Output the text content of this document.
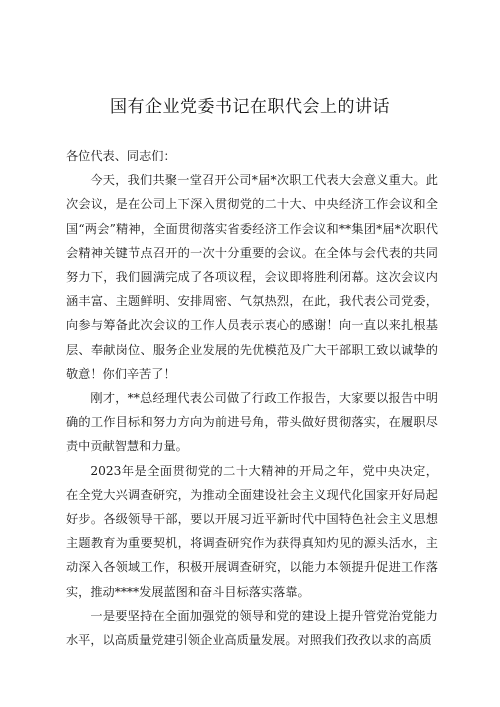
国有企业党委书记在职代会上的讲话

各位代表、同志们：

今天，我们共聚一堂召开公司*届*次职工代表大会意义重大。此次会议，是在公司上下深入贯彻党的二十大、中央经济工作会议和全国“两会”精神，全面贯彻落实省委经济工作会议和**集团*届*次职代会精神关键节点召开的一次十分重要的会议。在全体与会代表的共同努力下，我们圆满完成了各项议程，会议即将胜利闭幕。这次会议内涵丰富、主题鲜明、安排周密、气氛热烈，在此，我代表公司党委，向参与筹备此次会议的工作人员表示衷心的感谢！向一直以来扎根基层、奉献岗位、服务企业发展的先优模范及广大干部职工致以诚挚的敬意！你们辛苦了！

刚才，**总经理代表公司做了行政工作报告，大家要以报告中明确的工作目标和努力方向为前进号角，带头做好贯彻落实，在履职尽责中贡献智慧和力量。

2023年是全面贯彻党的二十大精神的开局之年，党中央决定，在全党大兴调查研究，为推动全面建设社会主义现代化国家开好局起好步。各级领导干部，要以开展习近平新时代中国特色社会主义思想主题教育为重要契机，将调查研究作为获得真知灼见的源头活水，主动深入各领域工作，积极开展调查研究，以能力本领提升促进工作落实，推动****发展蓝图和奋斗目标落实落靠。

一是要坚持在全面加强党的领导和党的建设上提升管党治党能力水平，以高质量党建引领企业高质量发展。对照我们孜孜以求的高质
